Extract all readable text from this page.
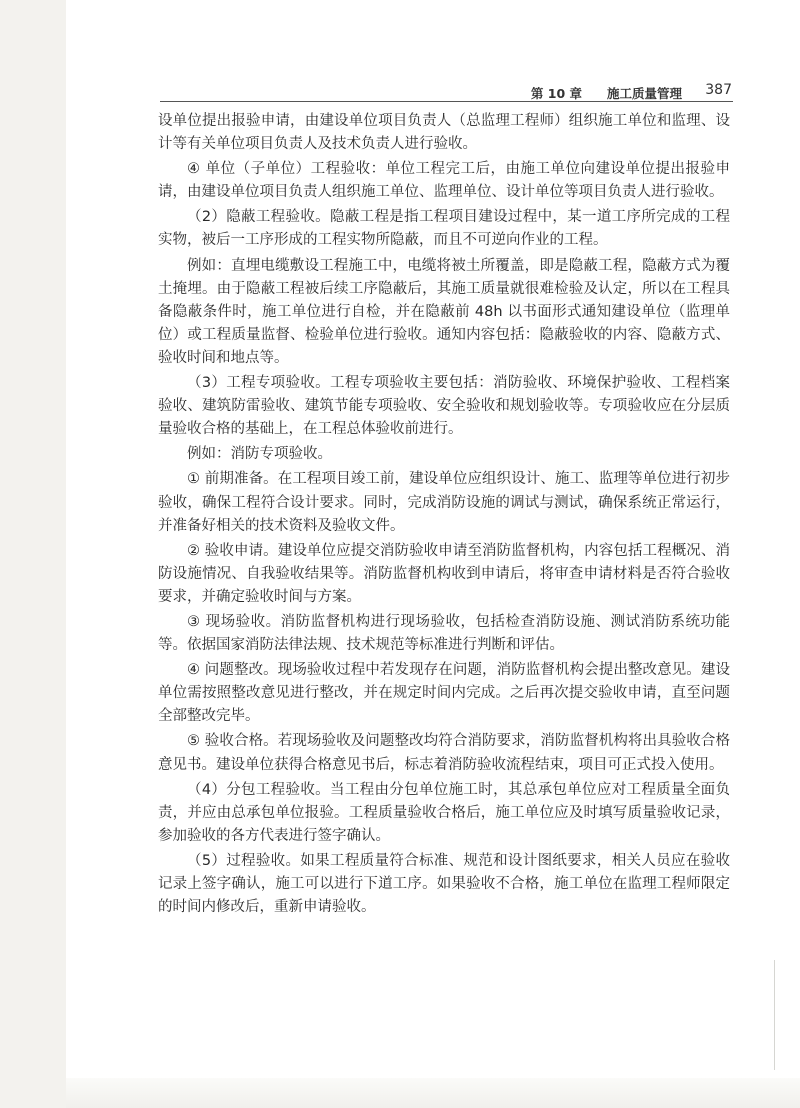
第 10 章 施工质量管理 387

设单位提出报验申请，由建设单位项目负责人（总监理工程师）组织施工单位和监理、设计等有关单位项目负责人及技术负责人进行验收。

④ 单位（子单位）工程验收：单位工程完工后，由施工单位向建设单位提出报验申请，由建设单位项目负责人组织施工单位、监理单位、设计单位等项目负责人进行验收。

（2）隐蔽工程验收。隐蔽工程是指工程项目建设过程中，某一道工序所完成的工程实物，被后一工序形成的工程实物所隐蔽，而且不可逆向作业的工程。

例如：直埋电缆敷设工程施工中，电缆将被土所覆盖，即是隐蔽工程，隐蔽方式为覆土掩埋。由于隐蔽工程被后续工序隐蔽后，其施工质量就很难检验及认定，所以在工程具备隐蔽条件时，施工单位进行自检，并在隐蔽前 48h 以书面形式通知建设单位（监理单位）或工程质量监督、检验单位进行验收。通知内容包括：隐蔽验收的内容、隐蔽方式、验收时间和地点等。

（3）工程专项验收。工程专项验收主要包括：消防验收、环境保护验收、工程档案验收、建筑防雷验收、建筑节能专项验收、安全验收和规划验收等。专项验收应在分层质量验收合格的基础上，在工程总体验收前进行。

例如：消防专项验收。

① 前期准备。在工程项目竣工前，建设单位应组织设计、施工、监理等单位进行初步验收，确保工程符合设计要求。同时，完成消防设施的调试与测试，确保系统正常运行，并准备好相关的技术资料及验收文件。

② 验收申请。建设单位应提交消防验收申请至消防监督机构，内容包括工程概况、消防设施情况、自我验收结果等。消防监督机构收到申请后，将审查申请材料是否符合验收要求，并确定验收时间与方案。

③ 现场验收。消防监督机构进行现场验收，包括检查消防设施、测试消防系统功能等。依据国家消防法律法规、技术规范等标准进行判断和评估。

④ 问题整改。现场验收过程中若发现存在问题，消防监督机构会提出整改意见。建设单位需按照整改意见进行整改，并在规定时间内完成。之后再次提交验收申请，直至问题全部整改完毕。

⑤ 验收合格。若现场验收及问题整改均符合消防要求，消防监督机构将出具验收合格意见书。建设单位获得合格意见书后，标志着消防验收流程结束，项目可正式投入使用。

（4）分包工程验收。当工程由分包单位施工时，其总承包单位应对工程质量全面负责，并应由总承包单位报验。工程质量验收合格后，施工单位应及时填写质量验收记录，参加验收的各方代表进行签字确认。

（5）过程验收。如果工程质量符合标准、规范和设计图纸要求，相关人员应在验收记录上签字确认，施工可以进行下道工序。如果验收不合格，施工单位在监理工程师限定的时间内修改后，重新申请验收。
